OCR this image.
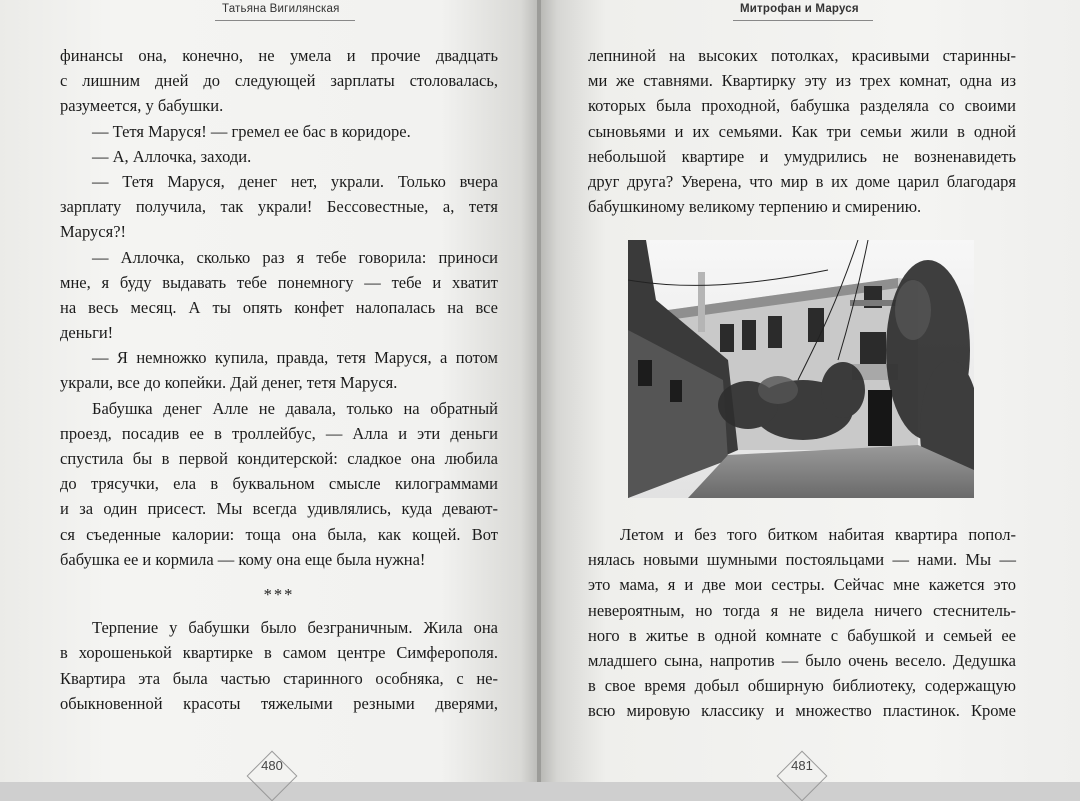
Татьяна Вигилянская	Митрофан и Маруся
финансы она, конечно, не умела и прочие двадцать
с лишним дней до следующей зарплаты столовалась,
разумеется, у бабушки.
— Тетя Маруся! — гремел ее бас в коридоре.
— А, Аллочка, заходи.
— Тетя Маруся, денег нет, украли. Только вчера
зарплату получила, так украли! Бессовестные, а, тетя
Маруся?!
— Аллочка, сколько раз я тебе говорила: приноси
мне, я буду выдавать тебе понемногу — тебе и хватит
на весь месяц. А ты опять конфет налопалась на все
деньги!
— Я немножко купила, правда, тетя Маруся, а потом
украли, все до копейки. Дай денег, тетя Маруся.
Бабушка денег Алле не давала, только на обратный
проезд, посадив ее в троллейбус, — Алла и эти деньги
спустила бы в первой кондитерской: сладкое она любила
до трясучки, ела в буквальном смысле килограммами
и за один присест. Мы всегда удивлялись, куда девают-
ся съеденные калории: тоща она была, как кощей. Вот
бабушка ее и кормила — кому она еще была нужна!
***
Терпение у бабушки было безграничным. Жила она
в хорошенькой квартирке в самом центре Симферополя.
Квартира эта была частью старинного особняка, с не-
обыкновенной красоты тяжелыми резными дверями,
лепниной на высоких потолках, красивыми старинны-
ми же ставнями. Квартирку эту из трех комнат, одна из
которых была проходной, бабушка разделяла со своими
сыновьями и их семьями. Как три семьи жили в одной
небольшой квартире и умудрились не возненавидеть
друг друга? Уверена, что мир в их доме царил благодаря
бабушкиному великому терпению и смирению.
Летом и без того битком набитая квартира попол-
нялась новыми шумными постояльцами — нами. Мы —
это мама, я и две мои сестры. Сейчас мне кажется это
невероятным, но тогда я не видела ничего стеснитель-
ного в житье в одной комнате с бабушкой и семьей ее
младшего сына, напротив — было очень весело. Дедушка
в свое время добыл обширную библиотеку, содержащую
всю мировую классику и множество пластинок. Кроме
480	481
